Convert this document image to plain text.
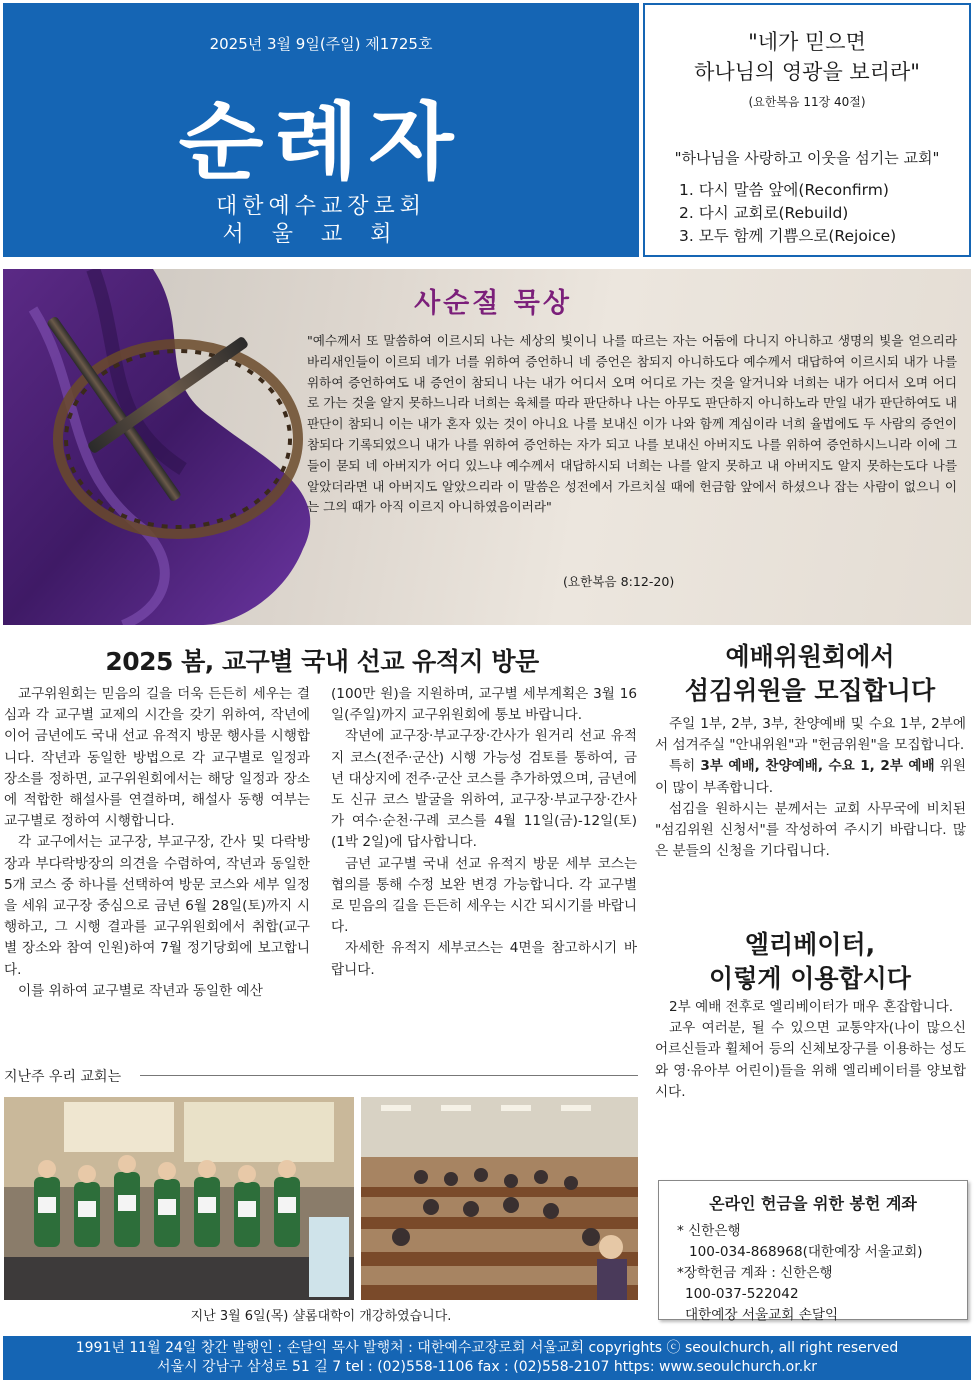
2025년 3월 9일(주일) 제1725호
순례자
대한예수교장로회
서울교회
"네가 믿으면
하나님의 영광을 보리라"
(요한복음 11장 40절)
"하나님을 사랑하고 이웃을 섬기는 교회"
1. 다시 말씀 앞에(Reconfirm)
2. 다시 교회로(Rebuild)
3. 모두 함께 기쁨으로(Rejoice)
사순절 묵상
"예수께서 또 말씀하여 이르시되 나는 세상의 빛이니 나를 따르는 자는 어둠에 다니지 아니하고 생명의 빛을 얻으리라 바리새인들이 이르되 네가 너를 위하여 증언하니 네 증언은 참되지 아니하도다 예수께서 대답하여 이르시되 내가 나를 위하여 증언하여도 내 증언이 참되니 나는 내가 어디서 오며 어디로 가는 것을 알거니와 너희는 내가 어디서 오며 어디로 가는 것을 알지 못하느니라 너희는 육체를 따라 판단하나 나는 아무도 판단하지 아니하노라 만일 내가 판단하여도 내 판단이 참되니 이는 내가 혼자 있는 것이 아니요 나를 보내신 이가 나와 함께 계심이라 너희 율법에도 두 사람의 증언이 참되다 기록되었으니 내가 나를 위하여 증언하는 자가 되고 나를 보내신 아버지도 나를 위하여 증언하시느니라 이에 그들이 묻되 네 아버지가 어디 있느냐 예수께서 대답하시되 너희는 나를 알지 못하고 내 아버지도 알지 못하는도다 나를 알았더라면 내 아버지도 알았으리라 이 말씀은 성전에서 가르치실 때에 헌금함 앞에서 하셨으나 잡는 사람이 없으니 이는 그의 때가 아직 이르지 아니하였음이러라"
(요한복음 8:12-20)
2025 봄, 교구별 국내 선교 유적지 방문

교구위원회는 믿음의 길을 더욱 든든히 세우는 결심과 각 교구별 교제의 시간을 갖기 위하여, 작년에 이어 금년에도 국내 선교 유적지 방문 행사를 시행합니다. 작년과 동일한 방법으로 각 교구별로 일정과 장소를 정하면, 교구위원회에서는 해당 일정과 장소에 적합한 해설사를 연결하며, 해설사 동행 여부는 교구별로 정하여 시행합니다.

각 교구에서는 교구장, 부교구장, 간사 및 다락방장과 부다락방장의 의견을 수렴하여, 작년과 동일한 5개 코스 중 하나를 선택하여 방문 코스와 세부 일정을 세워 교구장 중심으로 금년 6월 28일(토)까지 시행하고, 그 시행 결과를 교구위원회에서 취합(교구별 장소와 참여 인원)하여 7월 정기당회에 보고합니다.

이를 위하여 교구별로 작년과 동일한 예산

(100만 원)을 지원하며, 교구별 세부계획은 3월 16일(주일)까지 교구위원회에 통보 바랍니다.

작년에 교구장·부교구장·간사가 원거리 선교 유적지 코스(전주·군산) 시행 가능성 검토를 통하여, 금년 대상지에 전주·군산 코스를 추가하였으며, 금년에도 신규 코스 발굴을 위하여, 교구장·부교구장·간사가 여수·순천·구례 코스를 4월 11일(금)-12일(토)(1박 2일)에 답사합니다.

금년 교구별 국내 선교 유적지 방문 세부 코스는 협의를 통해 수정 보완 변경 가능합니다. 각 교구별로 믿음의 길을 든든히 세우는 시간 되시기를 바랍니다.

자세한 유적지 세부코스는 4면을 참고하시기 바랍니다.

지난주 우리 교회는
지난 3월 6일(목) 샬롬대학이 개강하였습니다.
예배위원회에서
섬김위원을 모집합니다

주일 1부, 2부, 3부, 찬양예배 및 수요 1부, 2부에서 섬겨주실 "안내위원"과 "헌금위원"을 모집합니다.

특히 3부 예배, 찬양예배, 수요 1, 2부 예배 위원이 많이 부족합니다.

섬김을 원하시는 분께서는 교회 사무국에 비치된 "섬김위원 신청서"를 작성하여 주시기 바랍니다. 많은 분들의 신청을 기다립니다.

엘리베이터,
이렇게 이용합시다

2부 예배 전후로 엘리베이터가 매우 혼잡합니다.

교우 여러분, 될 수 있으면 교통약자(나이 많으신 어르신들과 휠체어 등의 신체보장구를 이용하는 성도와 영·유아부 어린이)들을 위해 엘리베이터를 양보합시다.

온라인 헌금을 위한 봉헌 계좌
* 신한은행
100-034-868968(대한예장 서울교회)
*장학헌금 계좌 : 신한은행
100-037-522042
대한예장 서울교회 손달익
1991년 11월 24일 창간 발행인 : 손달익 목사 발행처 : 대한예수교장로회 서울교회 copyrights ⓒ seoulchurch, all right reserved
서울시 강남구 삼성로 51 길 7 tel : (02)558-1106 fax : (02)558-2107 https: www.seoulchurch.or.kr
